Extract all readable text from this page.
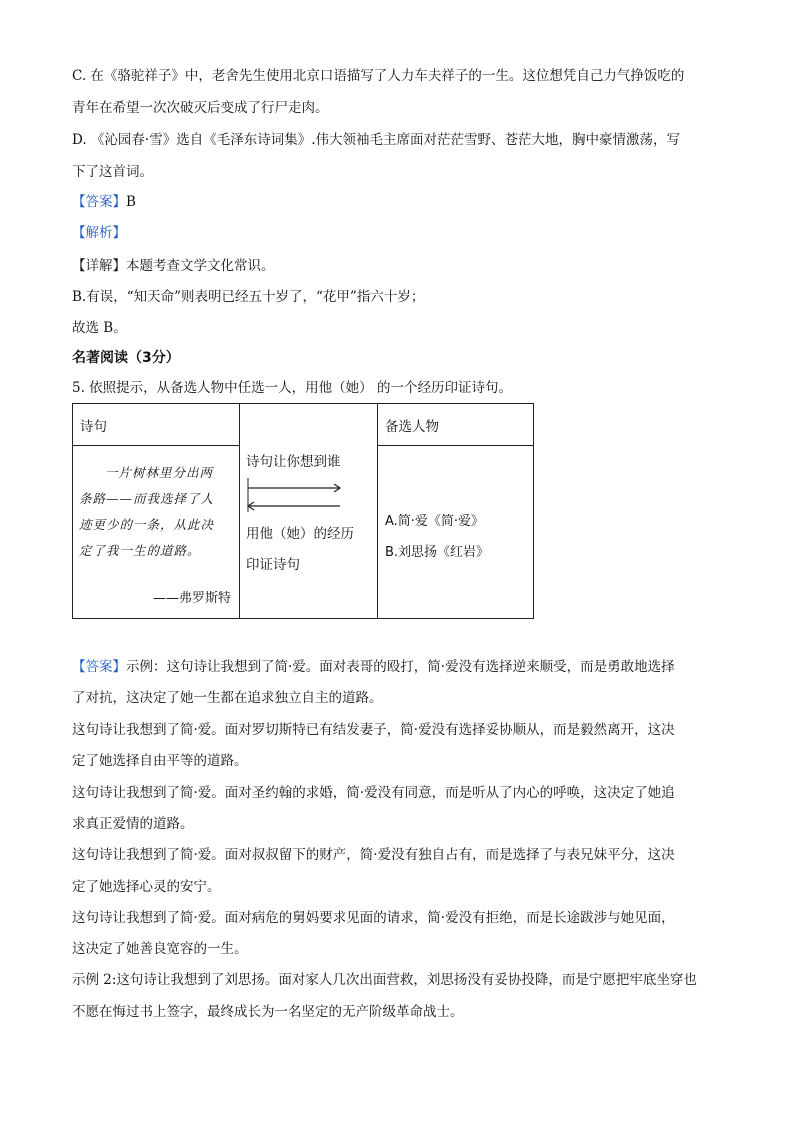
C. 在《骆驼祥子》中，老舍先生使用北京口语描写了人力车夫祥子的一生。这位想凭自己力气挣饭吃的
青年在希望一次次破灭后变成了行尸走肉。
D. 《沁园春·雪》选自《毛泽东诗词集》.伟大领袖毛主席面对茫茫雪野、苍茫大地，胸中豪情激荡，写
下了这首词。
【答案】B
【解析】
【详解】本题考查文学文化常识。
B.有误，“知天命”则表明已经五十岁了，“花甲”指六十岁；
故选 B。
名著阅读（3分）
5. 依照提示，从备选人物中任选一人，用他（她） 的一个经历印证诗句。
诗句
一片树林里分出两
条路——而我选择了人
迹更少的一条，从此决
定了我一生的道路。
——弗罗斯特
诗句让你想到谁
用他（她）的经历
印证诗句
备选人物
A.简·爱《简·爱》
B.刘思扬《红岩》
【答案】示例：这句诗让我想到了简·爱。面对表哥的殴打，简·爱没有选择逆来顺受，而是勇敢地选择
了对抗，这决定了她一生都在追求独立自主的道路。
这句诗让我想到了简·爱。面对罗切斯特已有结发妻子，简·爱没有选择妥协顺从，而是毅然离开，这决
定了她选择自由平等的道路。
这句诗让我想到了简·爱。面对圣约翰的求婚，简·爱没有同意，而是听从了内心的呼唤，这决定了她追
求真正爱情的道路。
这句诗让我想到了简·爱。面对叔叔留下的财产，简·爱没有独自占有，而是选择了与表兄妹平分，这决
定了她选择心灵的安宁。
这句诗让我想到了简·爱。面对病危的舅妈要求见面的请求，简·爱没有拒绝，而是长途跋涉与她见面，
这决定了她善良宽容的一生。
示例 2:这句诗让我想到了刘思扬。面对家人几次出面营救，刘思扬没有妥协投降，而是宁愿把牢底坐穿也
不愿在悔过书上签字，最终成长为一名坚定的无产阶级革命战士。
